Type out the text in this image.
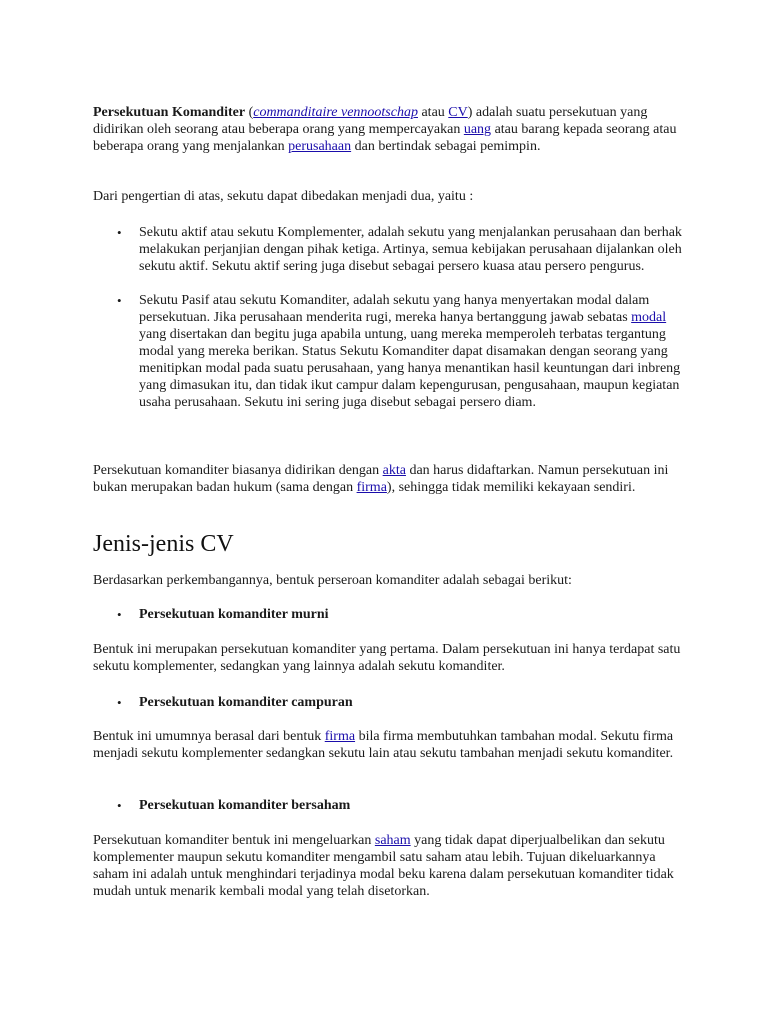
Persekutuan Komanditer (commanditaire vennootschap atau CV) adalah suatu persekutuan yang didirikan oleh seorang atau beberapa orang yang mempercayakan uang atau barang kepada seorang atau beberapa orang yang menjalankan perusahaan dan bertindak sebagai pemimpin.

Dari pengertian di atas, sekutu dapat dibedakan menjadi dua, yaitu :

• Sekutu aktif atau sekutu Komplementer, adalah sekutu yang menjalankan perusahaan dan berhak melakukan perjanjian dengan pihak ketiga. Artinya, semua kebijakan perusahaan dijalankan oleh sekutu aktif. Sekutu aktif sering juga disebut sebagai persero kuasa atau persero pengurus.
• Sekutu Pasif atau sekutu Komanditer, adalah sekutu yang hanya menyertakan modal dalam persekutuan. Jika perusahaan menderita rugi, mereka hanya bertanggung jawab sebatas modal yang disertakan dan begitu juga apabila untung, uang mereka memperoleh terbatas tergantung modal yang mereka berikan. Status Sekutu Komanditer dapat disamakan dengan seorang yang menitipkan modal pada suatu perusahaan, yang hanya menantikan hasil keuntungan dari inbreng yang dimasukan itu, dan tidak ikut campur dalam kepengurusan, pengusahaan, maupun kegiatan usaha perusahaan. Sekutu ini sering juga disebut sebagai persero diam.

Persekutuan komanditer biasanya didirikan dengan akta dan harus didaftarkan. Namun persekutuan ini bukan merupakan badan hukum (sama dengan firma), sehingga tidak memiliki kekayaan sendiri.

Jenis-jenis CV

Berdasarkan perkembangannya, bentuk perseroan komanditer adalah sebagai berikut:

• Persekutuan komanditer murni

Bentuk ini merupakan persekutuan komanditer yang pertama. Dalam persekutuan ini hanya terdapat satu sekutu komplementer, sedangkan yang lainnya adalah sekutu komanditer.

• Persekutuan komanditer campuran

Bentuk ini umumnya berasal dari bentuk firma bila firma membutuhkan tambahan modal. Sekutu firma menjadi sekutu komplementer sedangkan sekutu lain atau sekutu tambahan menjadi sekutu komanditer.

• Persekutuan komanditer bersaham

Persekutuan komanditer bentuk ini mengeluarkan saham yang tidak dapat diperjualbelikan dan sekutu komplementer maupun sekutu komanditer mengambil satu saham atau lebih. Tujuan dikeluarkannya saham ini adalah untuk menghindari terjadinya modal beku karena dalam persekutuan komanditer tidak mudah untuk menarik kembali modal yang telah disetorkan.
